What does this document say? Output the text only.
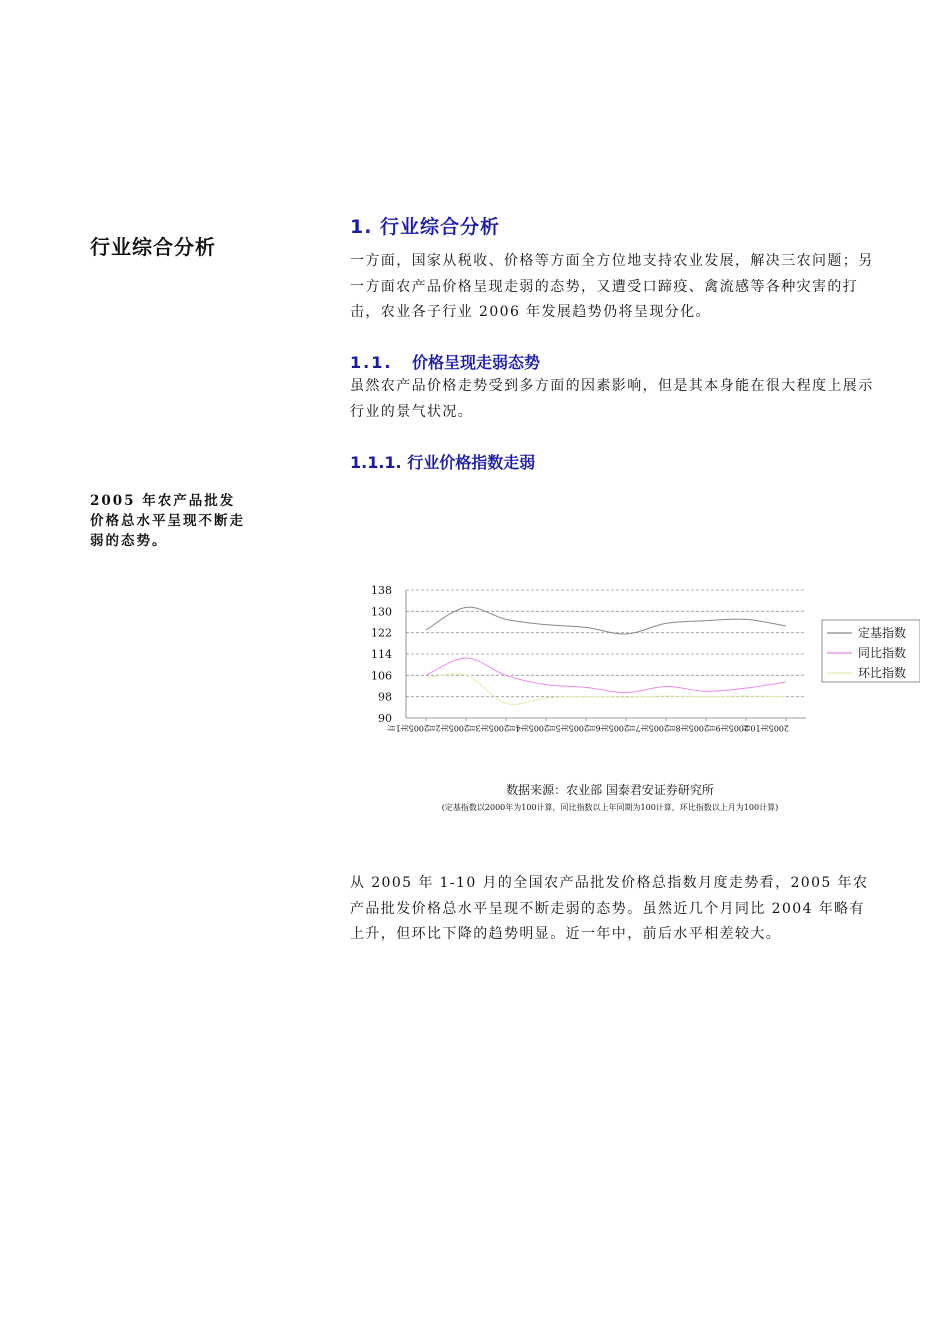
行业综合分析
2005 年农产品批发价格总水平呈现不断走弱的态势。
1. 行业综合分析
一方面，国家从税收、价格等方面全方位地支持农业发展，解决三农问题；另一方面农产品价格呈现走弱的态势，又遭受口蹄疫、禽流感等各种灾害的打击，农业各子行业 2006 年发展趋势仍将呈现分化。
1.1. 价格呈现走弱态势
虽然农产品价格走势受到多方面的因素影响，但是其本身能在很大程度上展示行业的景气状况。
1.1.1. 行业价格指数走弱
138
130
122
114
106
98
90
2005年1月
2005年2月
2005年3月
2005年4月
2005年5月
2005年6月
2005年7月
2005年8月
2005年9月
2005年10月
定基指数
同比指数
环比指数
数据来源：农业部 国泰君安证券研究所
(定基指数以2000年为100计算，同比指数以上年同期为100计算，环比指数以上月为100计算)
从 2005 年 1-10 月的全国农产品批发价格总指数月度走势看，2005 年农产品批发价格总水平呈现不断走弱的态势。虽然近几个月同比 2004 年略有上升，但环比下降的趋势明显。近一年中，前后水平相差较大。
